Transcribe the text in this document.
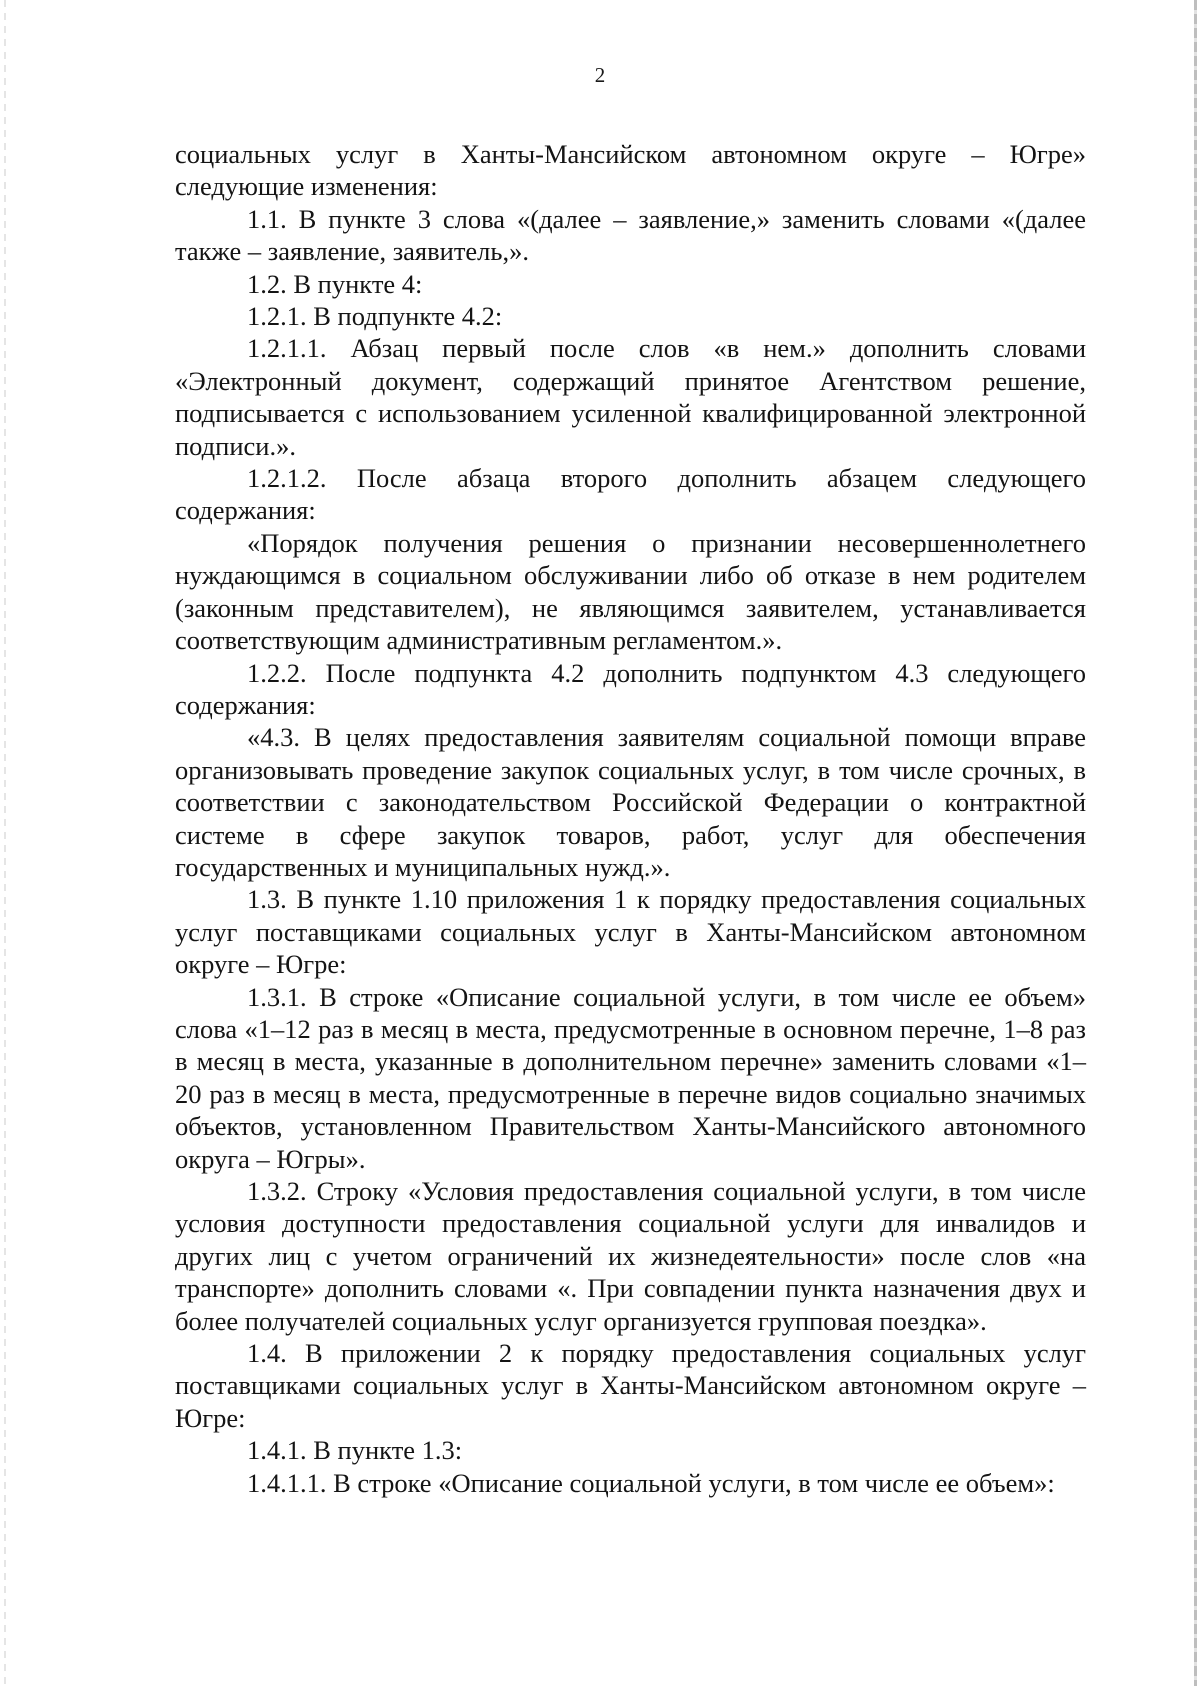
2

социальных услуг в Ханты-Мансийском автономном округе – Югре» следующие изменения:

1.1. В пункте 3 слова «(далее – заявление,» заменить словами «(далее также – заявление, заявитель,».

1.2. В пункте 4:

1.2.1. В подпункте 4.2:

1.2.1.1. Абзац первый после слов «в нем.» дополнить словами «Электронный документ, содержащий принятое Агентством решение, подписывается с использованием усиленной квалифицированной электронной подписи.».

1.2.1.2. После абзаца второго дополнить абзацем следующего содержания:

«Порядок получения решения о признании несовершеннолетнего нуждающимся в социальном обслуживании либо об отказе в нем родителем (законным представителем), не являющимся заявителем, устанавливается соответствующим административным регламентом.».

1.2.2. После подпункта 4.2 дополнить подпунктом 4.3 следующего содержания:

«4.3. В целях предоставления заявителям социальной помощи вправе организовывать проведение закупок социальных услуг, в том числе срочных, в соответствии с законодательством Российской Федерации о контрактной системе в сфере закупок товаров, работ, услуг для обеспечения государственных и муниципальных нужд.».

1.3. В пункте 1.10 приложения 1 к порядку предоставления социальных услуг поставщиками социальных услуг в Ханты-Мансийском автономном округе – Югре:

1.3.1. В строке «Описание социальной услуги, в том числе ее объем» слова «1–12 раз в месяц в места, предусмотренные в основном перечне, 1–8 раз в месяц в места, указанные в дополнительном перечне» заменить словами «1–20 раз в месяц в места, предусмотренные в перечне видов социально значимых объектов, установленном Правительством Ханты-Мансийского автономного округа – Югры».

1.3.2. Строку «Условия предоставления социальной услуги, в том числе условия доступности предоставления социальной услуги для инвалидов и других лиц с учетом ограничений их жизнедеятельности» после слов «на транспорте» дополнить словами «. При совпадении пункта назначения двух и более получателей социальных услуг организуется групповая поездка».

1.4. В приложении 2 к порядку предоставления социальных услуг поставщиками социальных услуг в Ханты-Мансийском автономном округе – Югре:

1.4.1. В пункте 1.3:

1.4.1.1. В строке «Описание социальной услуги, в том числе ее объем»:
